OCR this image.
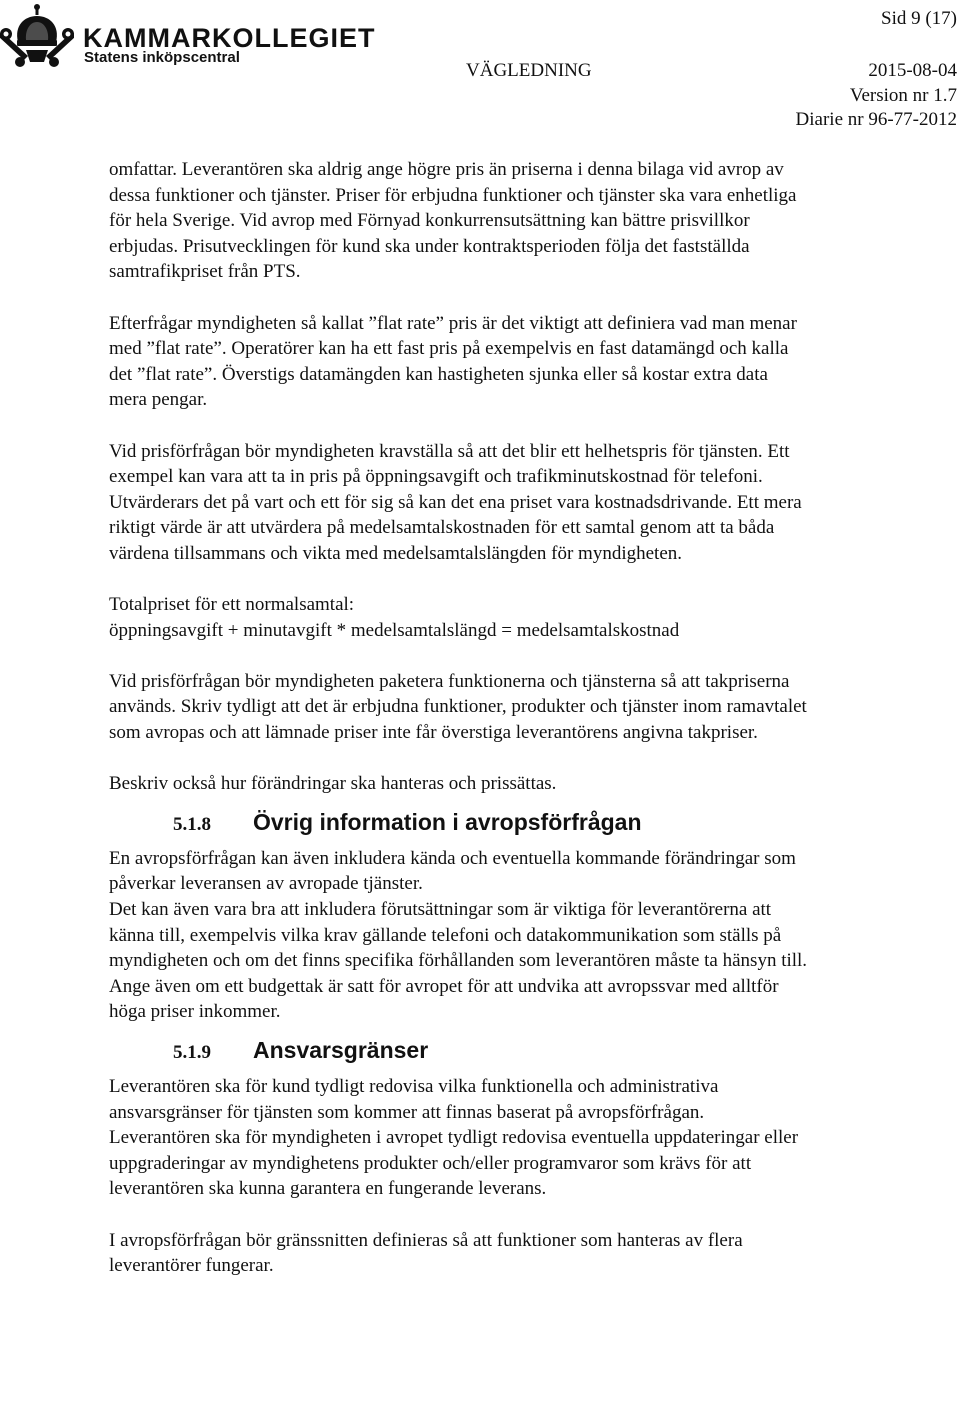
KAMMARKOLLEGIET
Statens inköpscentral
Sid 9 (17)
VÄGLEDNING	2015-08-04
Version nr 1.7
Diarie nr 96-77-2012

omfattar. Leverantören ska aldrig ange högre pris än priserna i denna bilaga vid avrop av dessa funktioner och tjänster. Priser för erbjudna funktioner och tjänster ska vara enhetliga för hela Sverige. Vid avrop med Förnyad konkurrensutsättning kan bättre prisvillkor erbjudas. Prisutvecklingen för kund ska under kontraktsperioden följa det fastställda samtrafikpriset från PTS.

Efterfrågar myndigheten så kallat ”flat rate” pris är det viktigt att definiera vad man menar med ”flat rate”. Operatörer kan ha ett fast pris på exempelvis en fast datamängd och kalla det ”flat rate”. Överstigs datamängden kan hastigheten sjunka eller så kostar extra data mera pengar.

Vid prisförfrågan bör myndigheten kravställa så att det blir ett helhetspris för tjänsten. Ett exempel kan vara att ta in pris på öppningsavgift och trafikminutskostnad för telefoni. Utvärderars det på vart och ett för sig så kan det ena priset vara kostnadsdrivande. Ett mera riktigt värde är att utvärdera på medelsamtalskostnaden för ett samtal genom att ta båda värdena tillsammans och vikta med medelsamtalslängden för myndigheten.

Totalpriset för ett normalsamtal:

öppningsavgift + minutavgift * medelsamtalslängd = medelsamtalskostnad

Vid prisförfrågan bör myndigheten paketera funktionerna och tjänsterna så att takpriserna används. Skriv tydligt att det är erbjudna funktioner, produkter och tjänster inom ramavtalet som avropas och att lämnade priser inte får överstiga leverantörens angivna takpriser.

Beskriv också hur förändringar ska hanteras och prissättas.

5.1.8	Övrig information i avropsförfrågan

En avropsförfrågan kan även inkludera kända och eventuella kommande förändringar som påverkar leveransen av avropade tjänster.

Det kan även vara bra att inkludera förutsättningar som är viktiga för leverantörerna att känna till, exempelvis vilka krav gällande telefoni och datakommunikation som ställs på myndigheten och om det finns specifika förhållanden som leverantören måste ta hänsyn till.

Ange även om ett budgettak är satt för avropet för att undvika att avropssvar med alltför höga priser inkommer.

5.1.9	Ansvarsgränser

Leverantören ska för kund tydligt redovisa vilka funktionella och administrativa ansvarsgränser för tjänsten som kommer att finnas baserat på avropsförfrågan. Leverantören ska för myndigheten i avropet tydligt redovisa eventuella uppdateringar eller uppgraderingar av myndighetens produkter och/eller programvaror som krävs för att leverantören ska kunna garantera en fungerande leverans.

I avropsförfrågan bör gränssnitten definieras så att funktioner som hanteras av flera leverantörer fungerar.
